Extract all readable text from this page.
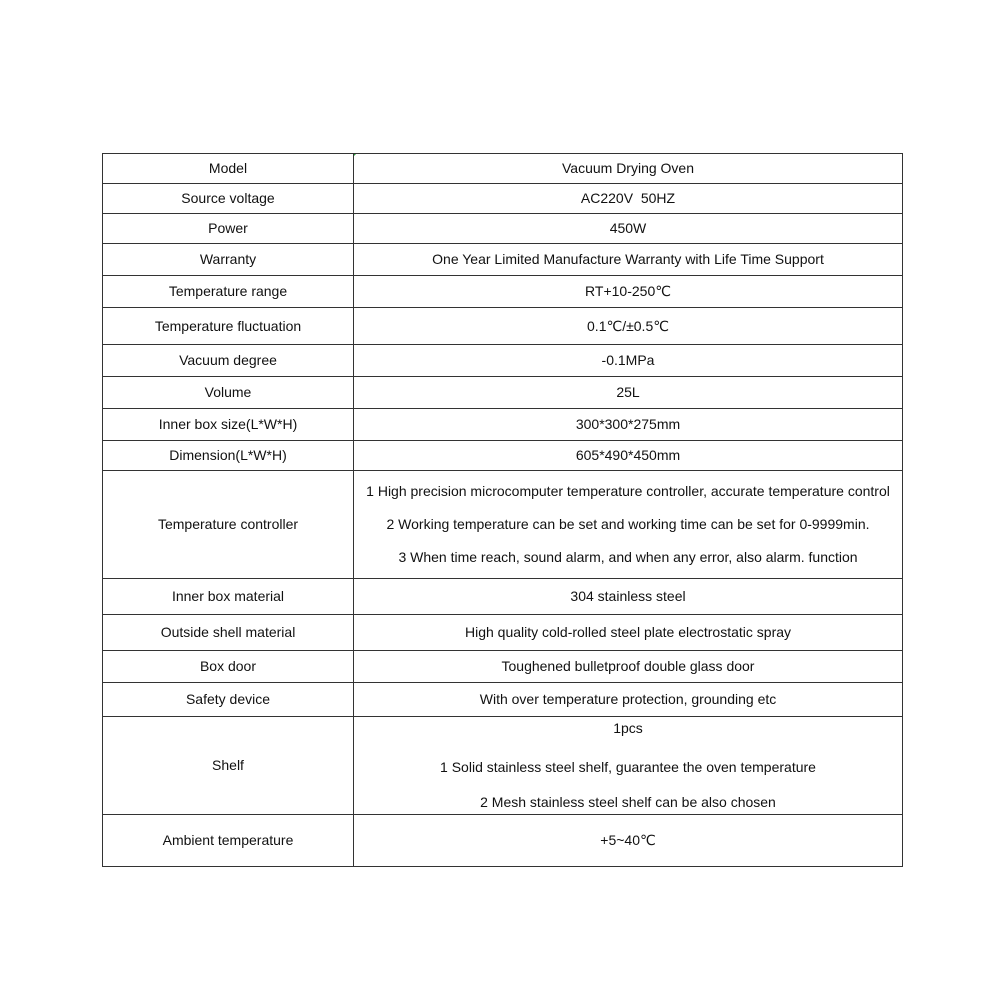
Model	Vacuum Drying Oven
Source voltage	AC220V  50HZ
Power	450W
Warranty	One Year Limited Manufacture Warranty with Life Time Support
Temperature range	RT+10-250℃
Temperature fluctuation	0.1℃/±0.5℃
Vacuum degree	-0.1MPa
Volume	25L
Inner box size(L*W*H)	300*300*275mm
Dimension(L*W*H)	605*490*450mm
Temperature controller	1 High precision microcomputer temperature controller, accurate temperature control
2 Working temperature can be set and working time can be set for 0-9999min.
3 When time reach, sound alarm, and when any error, also alarm. function

Inner box material	304 stainless steel
Outside shell material	High quality cold-rolled steel plate electrostatic spray
Box door	Toughened bulletproof double glass door
Safety device	With over temperature protection, grounding etc
Shelf	1pcs
1 Solid stainless steel shelf, guarantee the oven temperature
2 Mesh stainless steel shelf can be also chosen

Ambient temperature	+5~40℃
